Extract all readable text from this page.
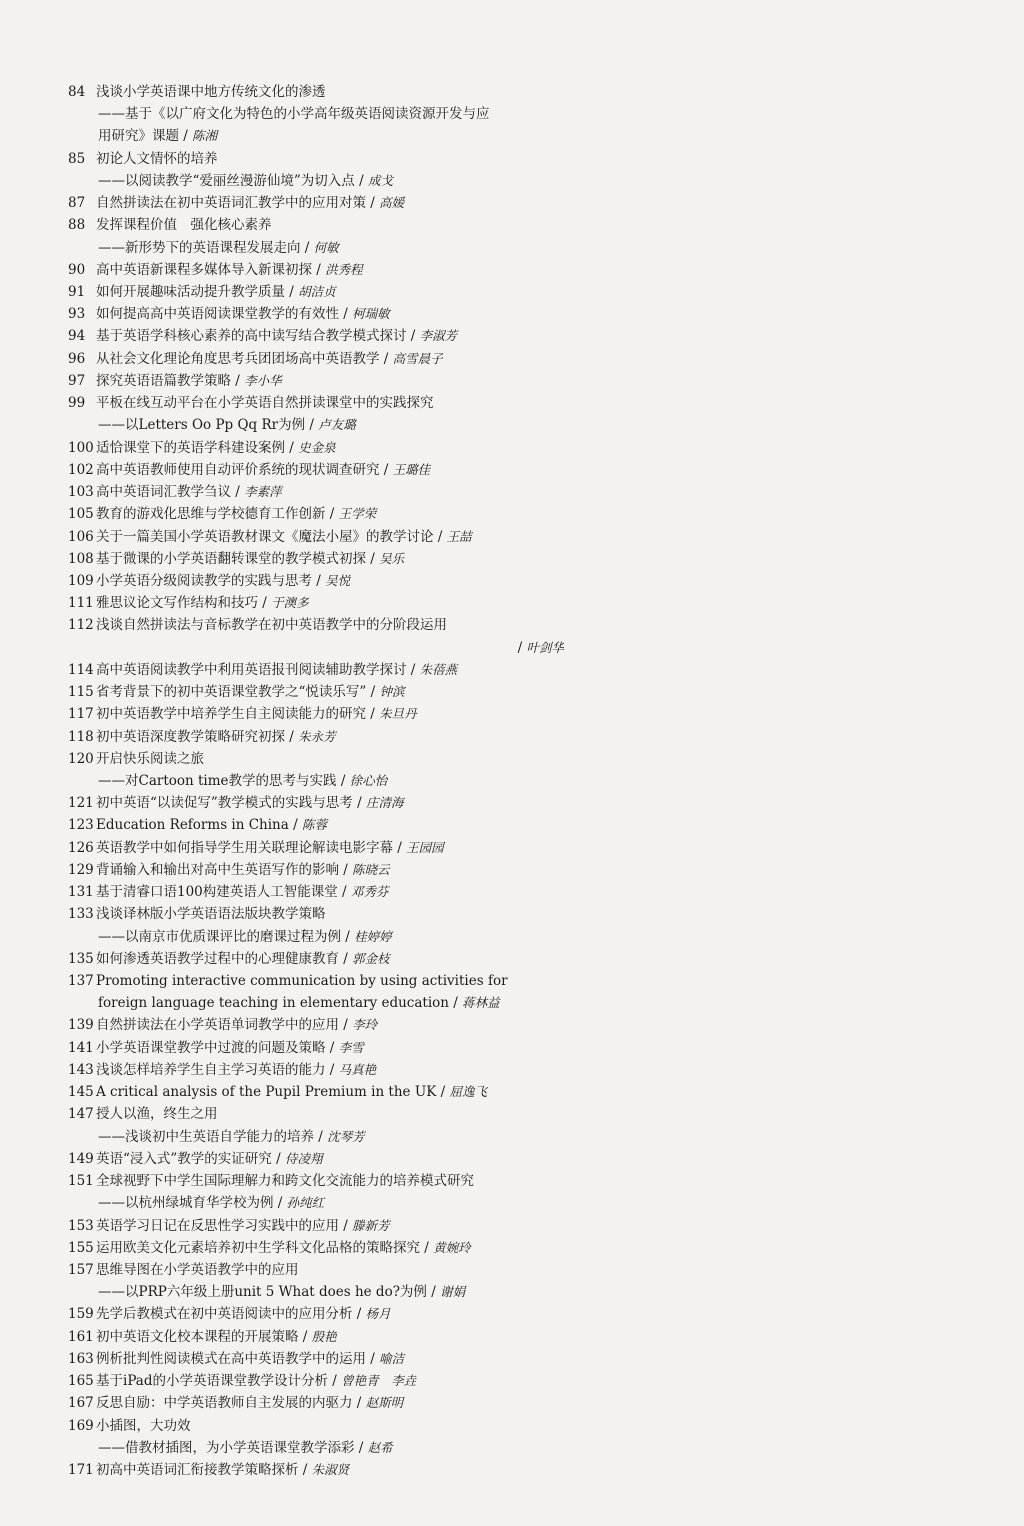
84 浅谈小学英语课中地方传统文化的渗透
——基于《以广府文化为特色的小学高年级英语阅读资源开发与应
用研究》课题 / 陈湘
85 初论人文情怀的培养
——以阅读教学“爱丽丝漫游仙境”为切入点 / 成戈
87 自然拼读法在初中英语词汇教学中的应用对策 / 高媛
88 发挥课程价值　强化核心素养
——新形势下的英语课程发展走向 / 何敏
90 高中英语新课程多媒体导入新课初探 / 洪秀程
91 如何开展趣味活动提升教学质量 / 胡洁贞
93 如何提高高中英语阅读课堂教学的有效性 / 柯瑞敏
94 基于英语学科核心素养的高中读写结合教学模式探讨 / 李淑芳
96 从社会文化理论角度思考兵团团场高中英语教学 / 高雪晨子
97 探究英语语篇教学策略 / 李小华
99 平板在线互动平台在小学英语自然拼读课堂中的实践探究
——以Letters Oo Pp Qq Rr为例 / 卢友璐
100 适恰课堂下的英语学科建设案例 / 史金泉
102 高中英语教师使用自动评价系统的现状调查研究 / 王璐佳
103 高中英语词汇教学刍议 / 李素萍
105 教育的游戏化思维与学校德育工作创新 / 王学荣
106 关于一篇美国小学英语教材课文《魔法小屋》的教学讨论 / 王喆
108 基于微课的小学英语翻转课堂的教学模式初探 / 吴乐
109 小学英语分级阅读教学的实践与思考 / 吴悦
111 雅思议论文写作结构和技巧 / 于澳多
112 浅谈自然拼读法与音标教学在初中英语教学中的分阶段运用
/ 叶剑华
114 高中英语阅读教学中利用英语报刊阅读辅助教学探讨 / 朱蓓燕
115 省考背景下的初中英语课堂教学之“悦读乐写” / 钟滨
117 初中英语教学中培养学生自主阅读能力的研究 / 朱旦丹
118 初中英语深度教学策略研究初探 / 朱永芳
120 开启快乐阅读之旅
——对Cartoon time教学的思考与实践 / 徐心怡
121 初中英语“以读促写”教学模式的实践与思考 / 庄清海
123 Education Reforms in China / 陈蓉
126 英语教学中如何指导学生用关联理论解读电影字幕 / 王园园
129 背诵输入和输出对高中生英语写作的影响 / 陈晓云
131 基于清睿口语100构建英语人工智能课堂 / 邓秀芬
133 浅谈译林版小学英语语法版块教学策略
——以南京市优质课评比的磨课过程为例 / 桂婷婷
135 如何渗透英语教学过程中的心理健康教育 / 郭金枝
137 Promoting interactive communication by using activities for
foreign language teaching in elementary education / 蒋林益
139 自然拼读法在小学英语单词教学中的应用 / 李玲
141 小学英语课堂教学中过渡的问题及策略 / 李雪
143 浅谈怎样培养学生自主学习英语的能力 / 马真艳
145 A critical analysis of the Pupil Premium in the UK / 屈逸飞
147 授人以渔，终生之用
——浅谈初中生英语自学能力的培养 / 沈琴芳
149 英语“浸入式”教学的实证研究 / 侍凌翔
151 全球视野下中学生国际理解力和跨文化交流能力的培养模式研究
——以杭州绿城育华学校为例 / 孙纯红
153 英语学习日记在反思性学习实践中的应用 / 滕新芳
155 运用欧美文化元素培养初中生学科文化品格的策略探究 / 黄婉玲
157 思维导图在小学英语教学中的应用
——以PRP六年级上册unit 5 What does he do?为例 / 谢娟
159 先学后教模式在初中英语阅读中的应用分析 / 杨月
161 初中英语文化校本课程的开展策略 / 殷艳
163 例析批判性阅读模式在高中英语教学中的运用 / 喻洁
165 基于iPad的小学英语课堂教学设计分析 / 曾艳青　李垚
167 反思自励：中学英语教师自主发展的内驱力 / 赵斯明
169 小插图，大功效
——借教材插图，为小学英语课堂教学添彩 / 赵希
171 初高中英语词汇衔接教学策略探析 / 朱淑贤
